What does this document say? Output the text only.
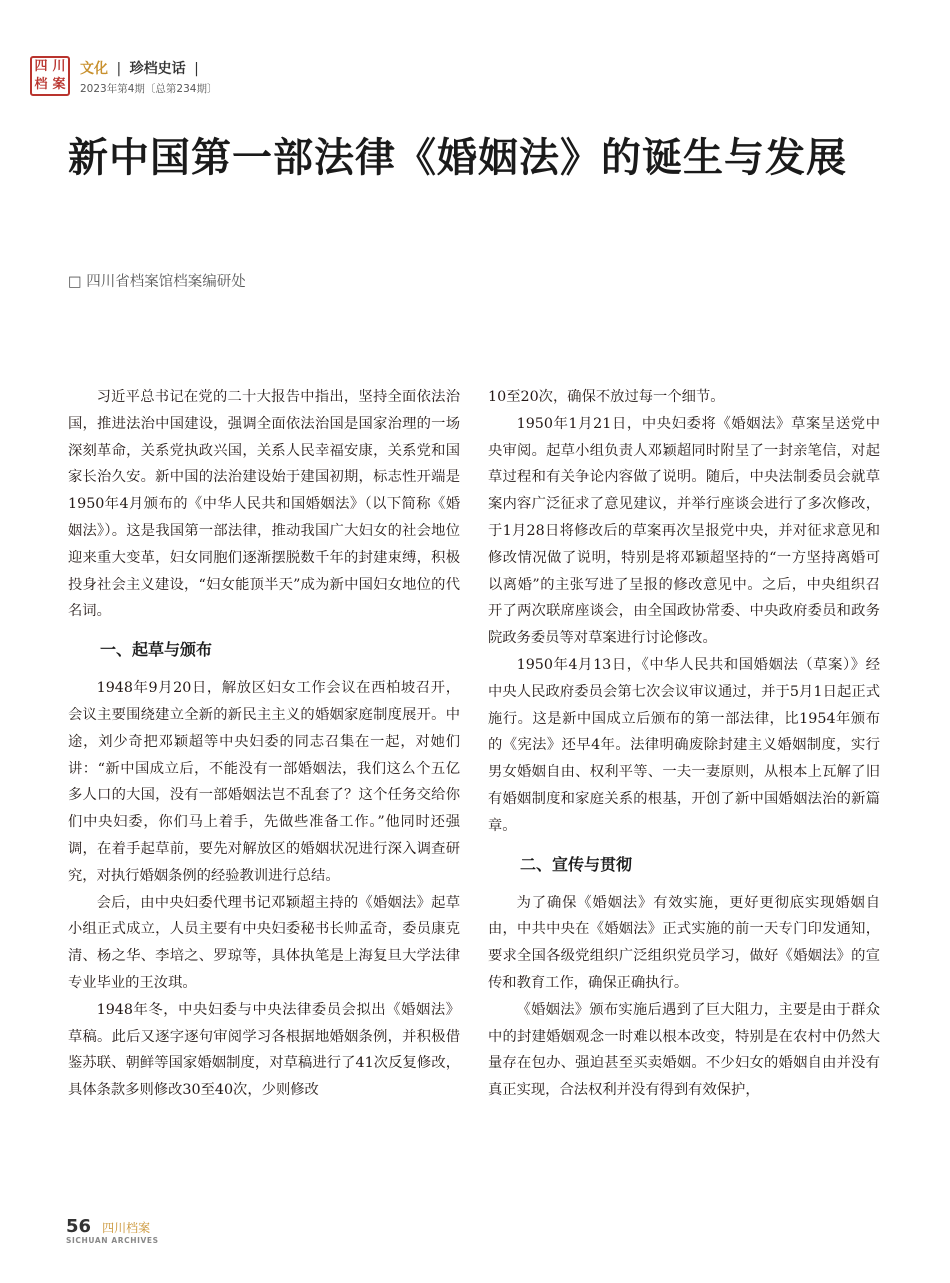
四 川
档 案
文化 | 珍档史话 |
2023年第4期〔总第234期〕
新中国第一部法律《婚姻法》的诞生与发展
□ 四川省档案馆档案编研处

习近平总书记在党的二十大报告中指出，坚持全面依法治国，推进法治中国建设，强调全面依法治国是国家治理的一场深刻革命，关系党执政兴国，关系人民幸福安康，关系党和国家长治久安。新中国的法治建设始于建国初期，标志性开端是1950年4月颁布的《中华人民共和国婚姻法》（以下简称《婚姻法》）。这是我国第一部法律，推动我国广大妇女的社会地位迎来重大变革，妇女同胞们逐渐摆脱数千年的封建束缚，积极投身社会主义建设，“妇女能顶半天”成为新中国妇女地位的代名词。

一、起草与颁布

1948年9月20日，解放区妇女工作会议在西柏坡召开，会议主要围绕建立全新的新民主主义的婚姻家庭制度展开。中途，刘少奇把邓颖超等中央妇委的同志召集在一起，对她们讲：“新中国成立后，不能没有一部婚姻法，我们这么个五亿多人口的大国，没有一部婚姻法岂不乱套了？这个任务交给你们中央妇委，你们马上着手，先做些准备工作。”他同时还强调，在着手起草前，要先对解放区的婚姻状况进行深入调查研究，对执行婚姻条例的经验教训进行总结。

会后，由中央妇委代理书记邓颖超主持的《婚姻法》起草小组正式成立，人员主要有中央妇委秘书长帅孟奇，委员康克清、杨之华、李培之、罗琼等，具体执笔是上海复旦大学法律专业毕业的王汝琪。

1948年冬，中央妇委与中央法律委员会拟出《婚姻法》草稿。此后又逐字逐句审阅学习各根据地婚姻条例，并积极借鉴苏联、朝鲜等国家婚姻制度，对草稿进行了41次反复修改，具体条款多则修改30至40次，少则修改

10至20次，确保不放过每一个细节。

1950年1月21日，中央妇委将《婚姻法》草案呈送党中央审阅。起草小组负责人邓颖超同时附呈了一封亲笔信，对起草过程和有关争论内容做了说明。随后，中央法制委员会就草案内容广泛征求了意见建议，并举行座谈会进行了多次修改，于1月28日将修改后的草案再次呈报党中央，并对征求意见和修改情况做了说明，特别是将邓颖超坚持的“一方坚持离婚可以离婚”的主张写进了呈报的修改意见中。之后，中央组织召开了两次联席座谈会，由全国政协常委、中央政府委员和政务院政务委员等对草案进行讨论修改。

1950年4月13日，《中华人民共和国婚姻法（草案）》经中央人民政府委员会第七次会议审议通过，并于5月1日起正式施行。这是新中国成立后颁布的第一部法律，比1954年颁布的《宪法》还早4年。法律明确废除封建主义婚姻制度，实行男女婚姻自由、权利平等、一夫一妻原则，从根本上瓦解了旧有婚姻制度和家庭关系的根基，开创了新中国婚姻法治的新篇章。

二、宣传与贯彻

为了确保《婚姻法》有效实施，更好更彻底实现婚姻自由，中共中央在《婚姻法》正式实施的前一天专门印发通知，要求全国各级党组织广泛组织党员学习，做好《婚姻法》的宣传和教育工作，确保正确执行。

《婚姻法》颁布实施后遇到了巨大阻力，主要是由于群众中的封建婚姻观念一时难以根本改变，特别是在农村中仍然大量存在包办、强迫甚至买卖婚姻。不少妇女的婚姻自由并没有真正实现，合法权利并没有得到有效保护，

56 四川档案
SICHUAN ARCHIVES
